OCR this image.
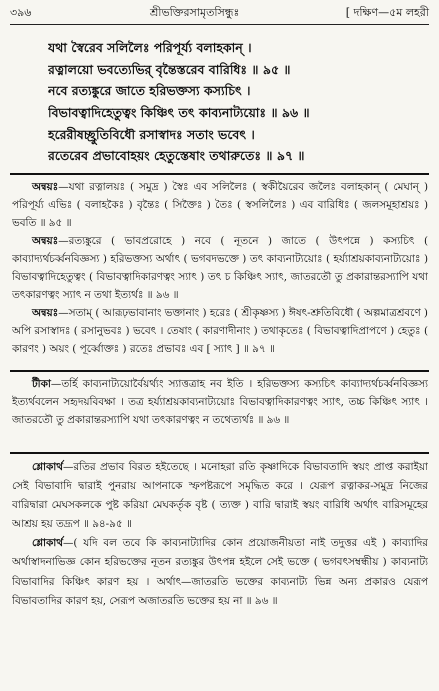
৩৯৬	শ্রীভক্তিরসামৃতসিন্ধুঃ	[ দক্ষিণ—৫ম লহরী
যথা স্বৈরেব সলিলৈঃ পরিপূর্য্য বলাহকান্ ।
রত্নালয়ো ভবত্যেভির্ বৃন্তৈস্তরেব বারিধিঃ ॥ ৯৫ ॥
নবে রত্যঙ্কুরে জাতে হরিভক্তস্য কস্যচিৎ ।
বিভাবত্বাদিহেতুত্বং কিঞ্চিৎ তৎ কাব্যনাট্যয়োঃ ॥ ৯৬ ॥
হরেরীষচ্ছ্রুতিবিধৌ রসাস্বাদঃ সতাং ভবেৎ ।
রতেরেব প্রভাবোহয়ং হেতুস্তেষাং তথারুতেঃ ॥ ৯৭ ॥

অন্বয়ঃ—যথা রত্নালয়ঃ ( সমুদ্র ) স্বৈঃ এব সলিলৈঃ ( স্বকীয়ৈরেব জলৈঃ বলাহকান্ ( মেঘান্ ) পরিপূর্য্য এভিঃ ( বলাহকৈঃ ) বৃন্তৈঃ ( সিক্তৈঃ ) তৈঃ ( স্বসলিলৈঃ ) এব বারিধিঃ ( জলসমূহাশ্রয়ঃ ) ভবতি ॥ ৯৫ ॥

অন্বয়ঃ—রত্যঙ্কুরে ( ভাবপ্ররোহে ) নবে ( নূতনে ) জাতে ( উৎপন্নে ) কস্যচিৎ ( কাব্যাদ্যর্থচর্ব্বনবিজ্ঞস্য ) হরিভক্তস্য অর্থাৎ ( ভগবদভক্তে ) তৎ কাব্যনাট্যয়োঃ ( হর্য্যাশ্রয়কাব্যনাট্যয়োঃ ) বিভাবত্বাদিহেতুত্বং ( বিভাবত্বাদিকারণত্বং স্যাৎ ) তৎ চ কিঞ্চিৎ স্যাৎ, জাতরতৌ তু প্রকারান্তরস্যাপি যথা তৎকারণত্বং স্যাৎ ন তথা ইত্যর্থঃ ॥ ৯৬ ॥

অন্বয়ঃ—সতাম্ ( আরূঢ়ভাবানাং ভক্তানাং ) হরেঃ ( শ্রীকৃষ্ণস্য ) ঈষৎ-শ্রুতিবিধৌ ( অল্পমাত্রশ্রবণে ) অপি রসাস্বাদঃ ( রসানুভবঃ ) ভবেৎ । তেষাং ( কারণাদীনাং ) তথাকৃতেঃ ( বিভাবত্বাদিপ্রাপণে ) হেতুঃ ( কারণং ) অয়ং ( পূর্ব্বোক্তঃ ) রতেঃ প্রভাবঃ এব [ স্যাৎ ] ॥ ৯৭ ॥

টীকা—তর্হি কাব্যনাট্যয়োর্বৈয়র্থ্যং স্যাত্তত্রাহ নব ইতি । হরিভক্তস্য কস্যচিৎ কাব্যাদ্যর্থচর্ব্বনবিজ্ঞস্য ইত্যর্থবলেন সহৃদয়বিবক্ষা । তত্র হর্য্যাশ্রয়কাব্যনাট্যয়োঃ বিভাবত্বাদিকারণত্বং স্যাৎ, তচ্চ কিঞ্চিৎ স্যাৎ । জাতরতৌ তু প্রকারান্তরস্যাপি যথা তৎকারণত্বং ন তথেত্যর্থঃ ॥ ৯৬ ॥

শ্লোকার্থ—রতির প্রভাব বিরত হইতেছে । মনোহরা রতি কৃষ্ণাদিকে বিভাবতাদি স্বয়ং প্রাপ্ত করাইয়া সেই বিভাবাদি দ্বারাই পুনরায় আপনাকে স্ফপষ্টরূপে সমৃদ্ধিত করে । যেরূপ রত্নাকর-সমুদ্র নিজের বারিদ্বারা মেঘসকলকে পুষ্ট করিয়া মেঘকর্তৃক বৃষ্ট ( ত্যক্ত ) বারি দ্বারাই স্বয়ং বারিধি অর্থাৎ বারিসমূহের আশ্রয় হয় তদ্রূপ ॥ ৯৪-৯৫ ॥

শ্লোকার্থ—( যদি বল তবে কি কাব্যনাট্যাদির কোন প্রয়োজনীয়তা নাই তদুত্তর এই ) কাব্যাদির অর্থাস্বাদনাভিজ্ঞ কোন হরিভক্তের নূতন রত্যঙ্কুর উৎপন্ন হইলে সেই ভক্তে ( ভগবৎসম্বন্ধীয় ) কাব্যনাট্য বিভাবাদির কিঞ্চিৎ কারণ হয় । অর্থাৎ—জাতরতি ভক্তের কাব্যনাট্য ভিন্ন অন্য প্রকারও যেরূপ বিভাবতাদির কারণ হয়, সেরূপ অজাতরতি ভক্তের হয় না ॥ ৯৬ ॥
